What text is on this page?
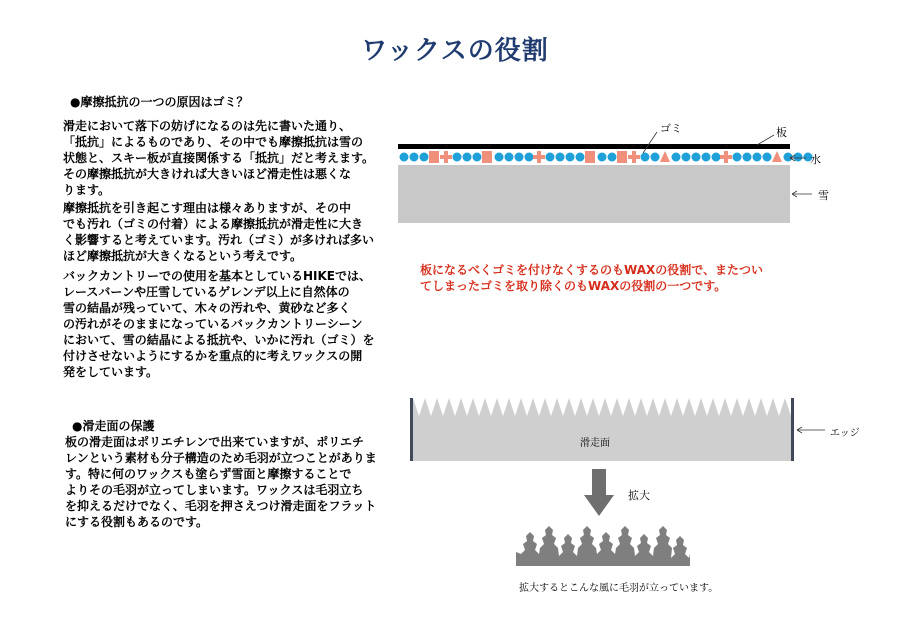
ワックスの役割
●摩擦抵抗の一つの原因はゴミ？

滑走において落下の妨げになるのは先に書いた通り、
「抵抗」によるものであり、その中でも摩擦抵抗は雪の
状態と、スキー板が直接関係する「抵抗」だと考えます。
その摩擦抵抗が大きければ大きいほど滑走性は悪くな
ります。

摩擦抵抗を引き起こす理由は様々ありますが、その中
でも汚れ（ゴミの付着）による摩擦抵抗が滑走性に大き
く影響すると考えています。汚れ（ゴミ）が多ければ多い
ほど摩擦抵抗が大きくなるという考えです。

バックカントリーでの使用を基本としているHIKEでは、
レースバーンや圧雪しているゲレンデ以上に自然体の
雪の結晶が残っていて、木々の汚れや、黄砂など多く
の汚れがそのままになっているバックカントリーシーン
において、雪の結晶による抵抗や、いかに汚れ（ゴミ）を
付けさせないようにするかを重点的に考えワックスの開
発をしています。

●滑走面の保護

板の滑走面はポリエチレンで出来ていますが、ポリエチ
レンという素材も分子構造のため毛羽が立つことがありま
す。特に何のワックスも塗らず雪面と摩擦することで
よりその毛羽が立ってしまいます。ワックスは毛羽立ち
を抑えるだけでなく、毛羽を押さえつけ滑走面をフラット
にする役割もあるのです。

板になるべくゴミを付けなくするのもWAXの役割で、またつい
てしまったゴミを取り除くのもWAXの役割の一つです。

ゴミ	板
水
雪
滑走面
エッジ
拡大
拡大するとこんな風に毛羽が立っています。
